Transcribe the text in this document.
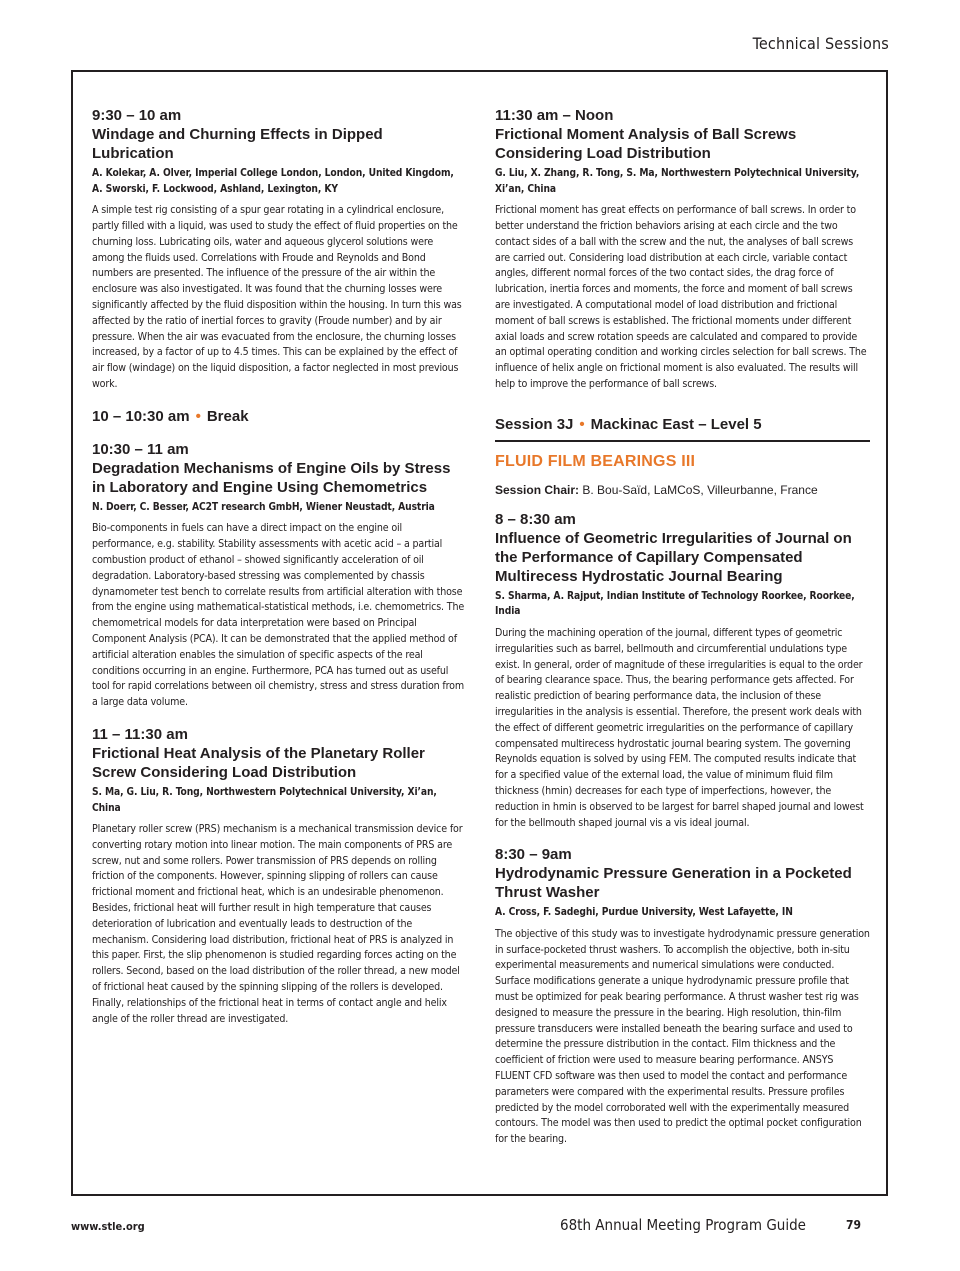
Technical Sessions
9:30 – 10 am
Windage and Churning Effects in Dipped Lubrication
A. Kolekar, A. Olver, Imperial College London, London, United Kingdom, A. Sworski, F. Lockwood, Ashland, Lexington, KY
A simple test rig consisting of a spur gear rotating in a cylindrical enclosure, partly filled with a liquid, was used to study the effect of fluid properties on the churning loss. Lubricating oils, water and aqueous glycerol solutions were among the fluids used. Correlations with Froude and Reynolds and Bond numbers are presented. The influence of the pressure of the air within the enclosure was also investigated. It was found that the churning losses were significantly affected by the fluid disposition within the housing. In turn this was affected by the ratio of inertial forces to gravity (Froude number) and by air pressure. When the air was evacuated from the enclosure, the churning losses increased, by a factor of up to 4.5 times. This can be explained by the effect of air flow (windage) on the liquid disposition, a factor neglected in most previous work.
10 – 10:30 am • Break
10:30 – 11 am
Degradation Mechanisms of Engine Oils by Stress in Laboratory and Engine Using Chemometrics
N. Doerr, C. Besser, AC2T research GmbH, Wiener Neustadt, Austria
Bio-components in fuels can have a direct impact on the engine oil performance, e.g. stability. Stability assessments with acetic acid – a partial combustion product of ethanol – showed significantly acceleration of oil degradation. Laboratory-based stressing was complemented by chassis dynamometer test bench to correlate results from artificial alteration with those from the engine using mathematical-statistical methods, i.e. chemometrics. The chemometrical models for data interpretation were based on Principal Component Analysis (PCA). It can be demonstrated that the applied method of artificial alteration enables the simulation of specific aspects of the real conditions occurring in an engine. Furthermore, PCA has turned out as useful tool for rapid correlations between oil chemistry, stress and stress duration from a large data volume.
11 – 11:30 am
Frictional Heat Analysis of the Planetary Roller Screw Considering Load Distribution
S. Ma, G. Liu, R. Tong, Northwestern Polytechnical University, Xi’an, China
Planetary roller screw (PRS) mechanism is a mechanical transmission device for converting rotary motion into linear motion. The main components of PRS are screw, nut and some rollers. Power transmission of PRS depends on rolling friction of the components. However, spinning slipping of rollers can cause frictional moment and frictional heat, which is an undesirable phenomenon. Besides, frictional heat will further result in high temperature that causes deterioration of lubrication and eventually leads to destruction of the mechanism. Considering load distribution, frictional heat of PRS is analyzed in this paper. First, the slip phenomenon is studied regarding forces acting on the rollers. Second, based on the load distribution of the roller thread, a new model of frictional heat caused by the spinning slipping of the rollers is developed. Finally, relationships of the frictional heat in terms of contact angle and helix angle of the roller thread are investigated.
11:30 am – Noon
Frictional Moment Analysis of Ball Screws Considering Load Distribution
G. Liu, X. Zhang, R. Tong, S. Ma, Northwestern Polytechnical University, Xi’an, China
Frictional moment has great effects on performance of ball screws. In order to better understand the friction behaviors arising at each circle and the two contact sides of a ball with the screw and the nut, the analyses of ball screws are carried out. Considering load distribution at each circle, variable contact angles, different normal forces of the two contact sides, the drag force of lubrication, inertia forces and moments, the force and moment of ball screws are investigated. A computational model of load distribution and frictional moment of ball screws is established. The frictional moments under different axial loads and screw rotation speeds are calculated and compared to provide an optimal operating condition and working circles selection for ball screws. The influence of helix angle on frictional moment is also evaluated. The results will help to improve the performance of ball screws.
Session 3J • Mackinac East – Level 5
FLUID FILM BEARINGS III
Session Chair: B. Bou-Saïd, LaMCoS, Villeurbanne, France
8 – 8:30 am
Influence of Geometric Irregularities of Journal on the Performance of Capillary Compensated Multirecess Hydrostatic Journal Bearing
S. Sharma, A. Rajput, Indian Institute of Technology Roorkee, Roorkee, India
During the machining operation of the journal, different types of geometric irregularities such as barrel, bellmouth and circumferential undulations type exist. In general, order of magnitude of these irregularities is equal to the order of bearing clearance space. Thus, the bearing performance gets affected. For realistic prediction of bearing performance data, the inclusion of these irregularities in the analysis is essential. Therefore, the present work deals with the effect of different geometric irregularities on the performance of capillary compensated multirecess hydrostatic journal bearing system. The governing Reynolds equation is solved by using FEM. The computed results indicate that for a specified value of the external load, the value of minimum fluid film thickness (hmin) decreases for each type of imperfections, however, the reduction in hmin is observed to be largest for barrel shaped journal and lowest for the bellmouth shaped journal vis a vis ideal journal.
8:30 – 9am
Hydrodynamic Pressure Generation in a Pocketed Thrust Washer
A. Cross, F. Sadeghi, Purdue University, West Lafayette, IN
The objective of this study was to investigate hydrodynamic pressure generation in surface-pocketed thrust washers. To accomplish the objective, both in-situ experimental measurements and numerical simulations were conducted. Surface modifications generate a unique hydrodynamic pressure profile that must be optimized for peak bearing performance. A thrust washer test rig was designed to measure the pressure in the bearing. High resolution, thin-film pressure transducers were installed beneath the bearing surface and used to determine the pressure distribution in the contact. Film thickness and the coefficient of friction were used to measure bearing performance. ANSYS FLUENT CFD software was then used to model the contact and performance parameters were compared with the experimental results. Pressure profiles predicted by the model corroborated well with the experimentally measured contours. The model was then used to predict the optimal pocket configuration for the bearing.
www.stle.org	68th Annual Meeting Program Guide	79
